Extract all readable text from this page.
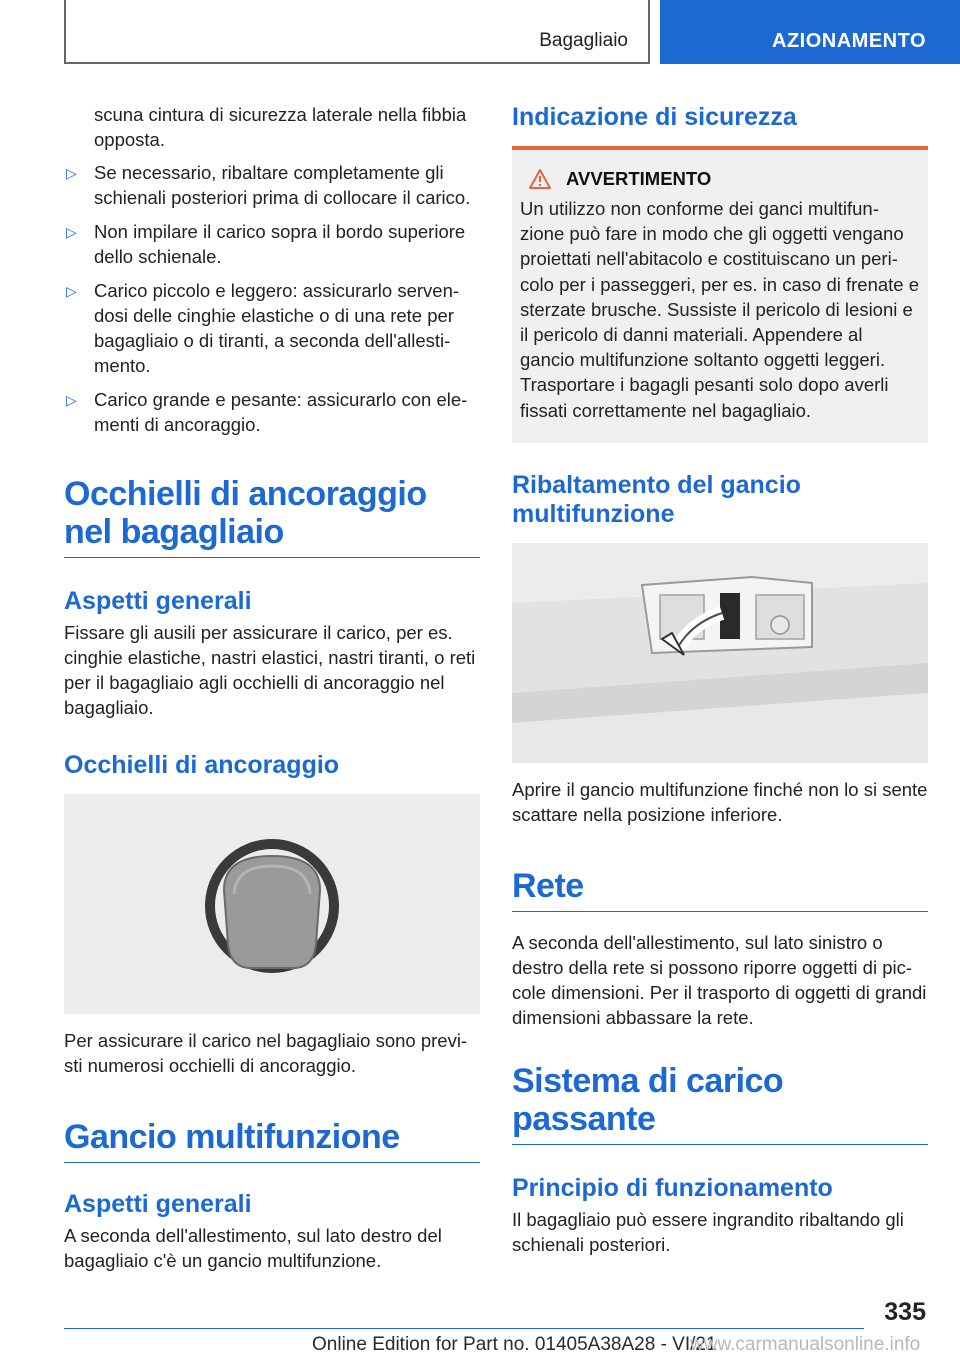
Bagagliaio	AZIONAMENTO

scuna cintura di sicurezza laterale nella fibbia opposta.

▷ Se necessario, ribaltare completamente gli schienali posteriori prima di collocare il carico.
▷ Non impilare il carico sopra il bordo superiore dello schienale.
▷ Carico piccolo e leggero: assicurarlo serven-dosi delle cinghie elastiche o di una rete per bagagliaio o di tiranti, a seconda dell'allesti-mento.
▷ Carico grande e pesante: assicurarlo con ele-menti di ancoraggio.
Occhielli di ancoraggio nel bagagliaio
Aspetti generali

Fissare gli ausili per assicurare il carico, per es. cinghie elastiche, nastri elastici, nastri tiranti, o reti per il bagagliaio agli occhielli di ancoraggio nel bagagliaio.

Occhielli di ancoraggio

Per assicurare il carico nel bagagliaio sono previ-sti numerosi occhielli di ancoraggio.

Gancio multifunzione
Aspetti generali

A seconda dell'allestimento, sul lato destro del bagagliaio c'è un gancio multifunzione.

Indicazione di sicurezza
AVVERTIMENTO

Un utilizzo non conforme dei ganci multifun-zione può fare in modo che gli oggetti vengano proiettati nell'abitacolo e costituiscano un peri-colo per i passeggeri, per es. in caso di frenate e sterzate brusche. Sussiste il pericolo di lesioni e il pericolo di danni materiali. Appendere al gancio multifunzione soltanto oggetti leggeri. Trasportare i bagagli pesanti solo dopo averli fissati correttamente nel bagagliaio.

Ribaltamento del gancio multifunzione

Aprire il gancio multifunzione finché non lo si sente scattare nella posizione inferiore.

Rete

A seconda dell'allestimento, sul lato sinistro o destro della rete si possono riporre oggetti di pic-cole dimensioni. Per il trasporto di oggetti di grandi dimensioni abbassare la rete.

Sistema di carico passante
Principio di funzionamento

Il bagagliaio può essere ingrandito ribaltando gli schienali posteriori.

335
Online Edition for Part no. 01405A38A28 - VI/21
www.carmanualsonline.info
